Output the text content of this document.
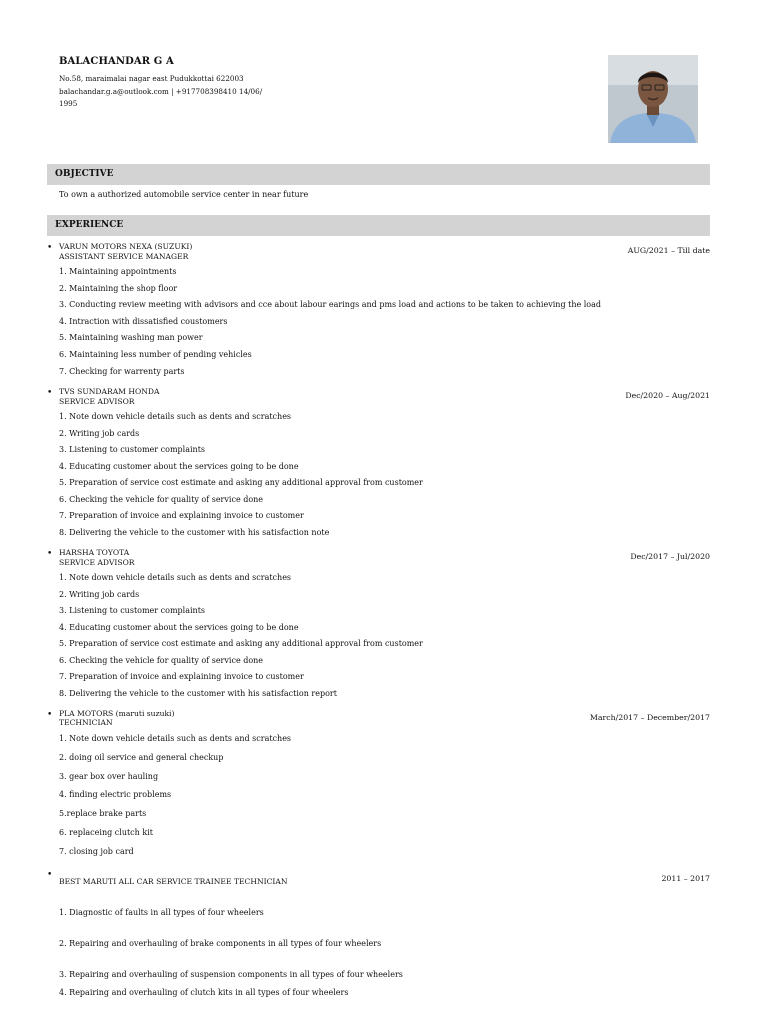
BALACHANDAR G A
No.58, maraimalai nagar east Pudukkottai 622003
balachandar.g.a@outlook.com | +917708398410 14/06/
1995
OBJECTIVE
To own a authorized automobile service center in near future
EXPERIENCE
• VARUN MOTORS NEXA (SUZUKI)
ASSISTANT SERVICE MANAGER
AUG/2021 – Till date
1. Maintaining appointments
2. Maintaining the shop floor
3. Conducting review meeting with advisors and cce about labour earings and pms load and actions to be taken to achieving the load
4. Intraction with dissatisfied coustomers
5. Maintaining washing man power
6. Maintaining less number of pending vehicles
7. Checking for warrenty parts
• TVS SUNDARAM HONDA
SERVICE ADVISOR
Dec/2020 – Aug/2021
1. Note down vehicle details such as dents and scratches
2. Writing job cards
3. Listening to customer complaints
4. Educating customer about the services going to be done
5. Preparation of service cost estimate and asking any additional approval from customer
6. Checking the vehicle for quality of service done
7. Preparation of invoice and explaining invoice to customer
8. Delivering the vehicle to the customer with his satisfaction note
• HARSHA TOYOTA
SERVICE ADVISOR
Dec/2017 – Jul/2020
1. Note down vehicle details such as dents and scratches
2. Writing job cards
3. Listening to customer complaints
4. Educating customer about the services going to be done
5. Preparation of service cost estimate and asking any additional approval from customer
6. Checking the vehicle for quality of service done
7. Preparation of invoice and explaining invoice to customer
8. Delivering the vehicle to the customer with his satisfaction report
• PLA MOTORS (maruti suzuki)
TECHNICIAN
March/2017 – December/2017
1. Note down vehicle details such as dents and scratches
2. doing oil service and general checkup
3. gear box over hauling
4. finding electric problems
5.replace brake parts
6. replaceing clutch kit
7. closing job card
•
BEST MARUTI ALL CAR SERVICE TRAINEE TECHNICIAN	2011 – 2017
1. Diagnostic of faults in all types of four wheelers
2. Repairing and overhauling of brake components in all types of four wheelers
3. Repairing and overhauling of suspension components in all types of four wheelers
4. Repairing and overhauling of clutch kits in all types of four wheelers
